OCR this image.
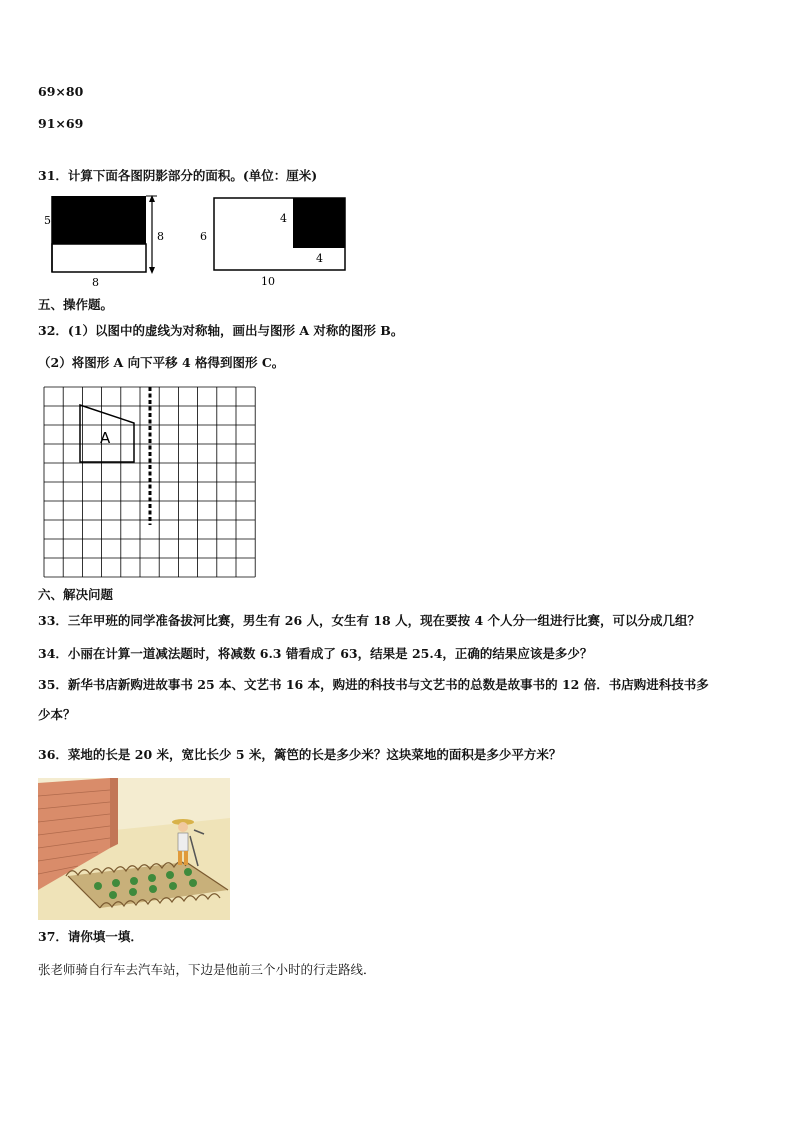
69×80
91×69
31．计算下面各图阴影部分的面积。(单位：厘米)
5
8
8
6
4
4
10
五、操作题。
32．(1）以图中的虚线为对称轴，画出与图形 A 对称的图形 B。
（2）将图形 A 向下平移 4 格得到图形 C。
A
六、解决问题
33．三年甲班的同学准备拔河比赛，男生有 26 人，女生有 18 人，现在要按 4 个人分一组进行比赛，可以分成几组？
34．小丽在计算一道减法题时，将减数 6.3 错看成了 63，结果是 25.4，正确的结果应该是多少？
35．新华书店新购进故事书 25 本、文艺书 16 本，购进的科技书与文艺书的总数是故事书的 12 倍．书店购进科技书多
少本？
36．菜地的长是 20 米，宽比长少 5 米，篱笆的长是多少米？这块菜地的面积是多少平方米？
37．请你填一填．
张老师骑自行车去汽车站，下边是他前三个小时的行走路线．
